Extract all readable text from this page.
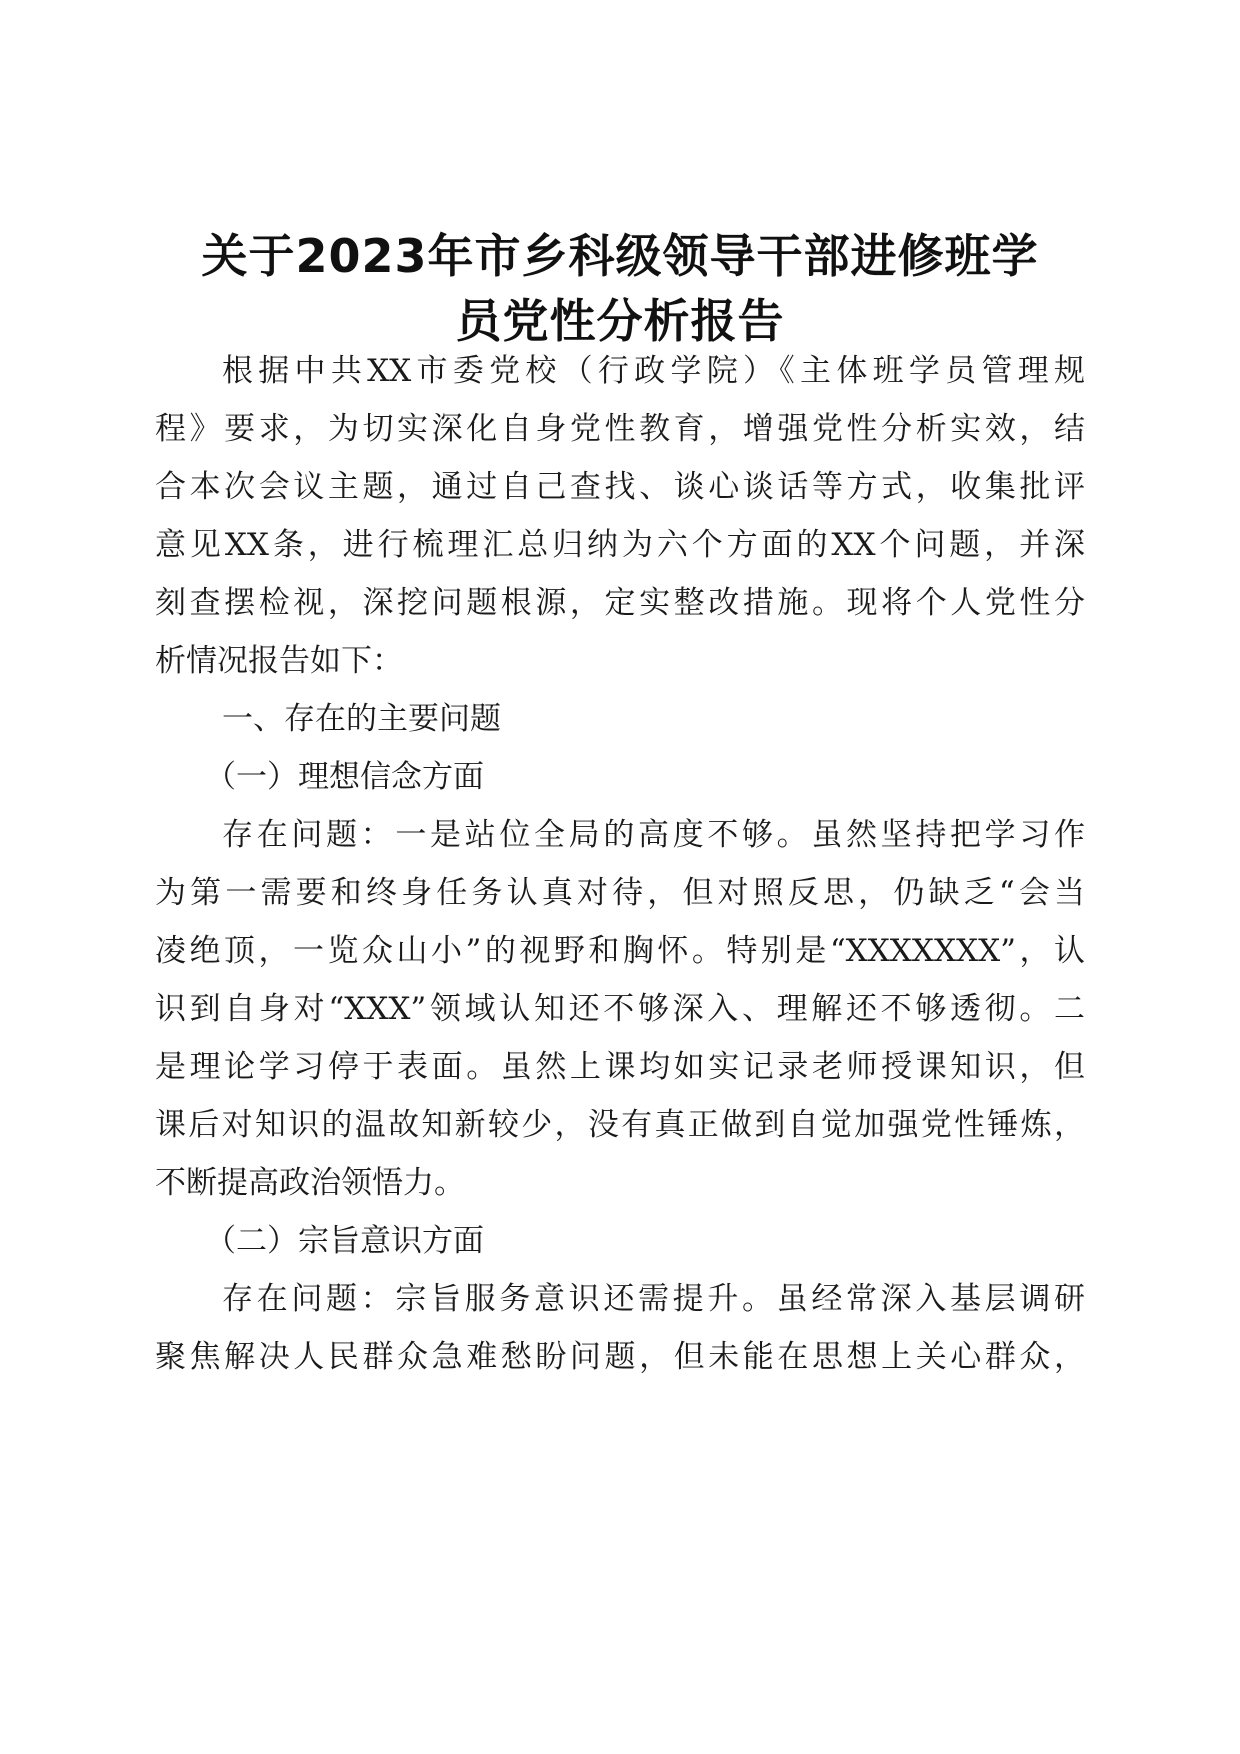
关于2023年市乡科级领导干部进修班学
员党性分析报告
根据中共XX市委党校（行政学院）《主体班学员管理规
程》要求，为切实深化自身党性教育，增强党性分析实效，结
合本次会议主题，通过自己查找、谈心谈话等方式，收集批评
意见XX条，进行梳理汇总归纳为六个方面的XX个问题，并深
刻查摆检视，深挖问题根源，定实整改措施。现将个人党性分
析情况报告如下：
一、存在的主要问题
（一）理想信念方面
存在问题：一是站位全局的高度不够。虽然坚持把学习作
为第一需要和终身任务认真对待，但对照反思，仍缺乏“会当
凌绝顶，一览众山小”的视野和胸怀。特别是“XXXXXXX”，认
识到自身对“XXX”领域认知还不够深入、理解还不够透彻。二
是理论学习停于表面。虽然上课均如实记录老师授课知识，但
课后对知识的温故知新较少，没有真正做到自觉加强党性锤炼，
不断提高政治领悟力。
（二）宗旨意识方面
存在问题：宗旨服务意识还需提升。虽经常深入基层调研
聚焦解决人民群众急难愁盼问题，但未能在思想上关心群众，
